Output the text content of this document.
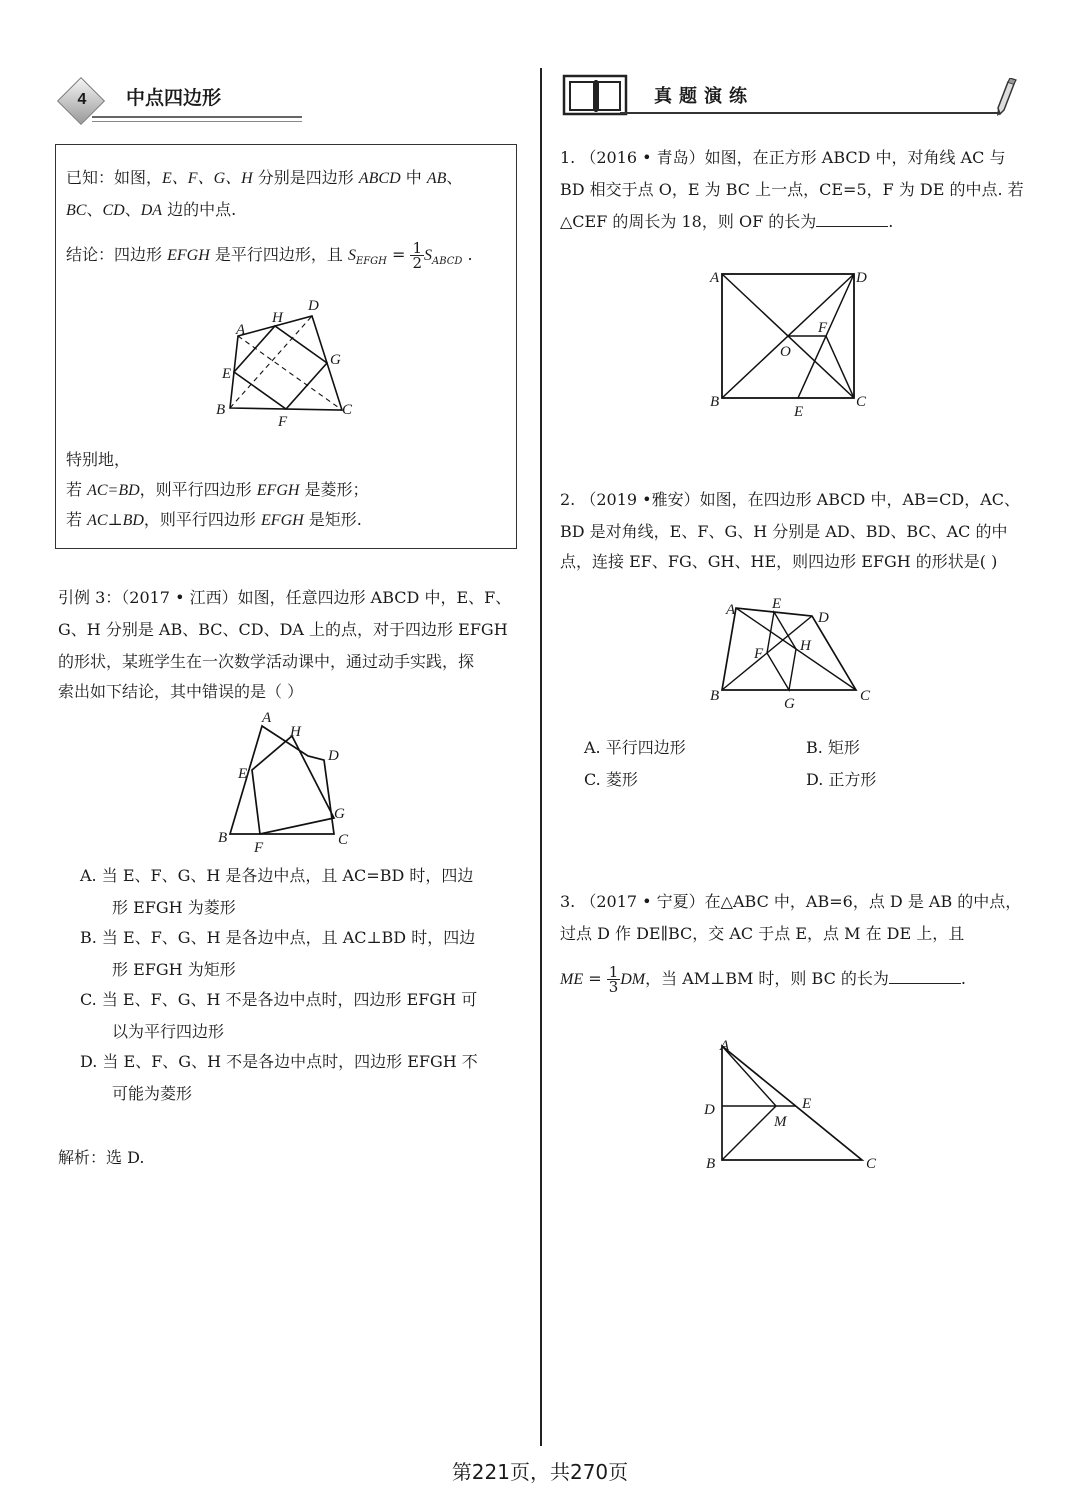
4	中点四边形	真题演练
已知：如图，E、F、G、H 分别是四边形 ABCD 中 AB、
BC、CD、DA 边的中点.
结论：四边形 EFGH 是平行四边形，且 $S_{EFGH} = \frac{1}{2} S_{ABCD}$ .
A
B	C
D
E
F
G
H
特别地，
若 AC=BD，则平行四边形 EFGH 是菱形；
若 AC⊥BD，则平行四边形 EFGH 是矩形.
引例 3：（2017 • 江西）如图，任意四边形 ABCD 中，E、F、
G、H 分别是 AB、BC、CD、DA 上的点，对于四边形 EFGH
的形状，某班学生在一次数学活动课中，通过动手实践，探
索出如下结论，其中错误的是（ ）
A
B	C
D
E
F
G
H
A. 当 E、F、G、H 是各边中点，且 AC=BD 时，四边
形 EFGH 为菱形
B. 当 E、F、G、H 是各边中点，且 AC⊥BD 时，四边
形 EFGH 为矩形
C. 当 E、F、G、H 不是各边中点时，四边形 EFGH 可
以为平行四边形
D. 当 E、F、G、H 不是各边中点时，四边形 EFGH 不
可能为菱形
解析：选 D.
1. （2016 • 青岛）如图，在正方形 ABCD 中，对角线 AC 与
BD 相交于点 O，E 为 BC 上一点，CE=5，F 为 DE 的中点. 若
△CEF 的周长为 18，则 OF 的长为	.
A
B	C
D
E
F
O
2. （2019 •雅安）如图，在四边形 ABCD 中，AB=CD，AC、
BD 是对角线，E、F、G、H 分别是 AD、BD、BC、AC 的中
点，连接 EF、FG、GH、HE，则四边形 EFGH 的形状是( )
A
B	C
D
E
F
G
H
A. 平行四边形	B. 矩形
C. 菱形	D. 正方形
3. （2017 • 宁夏）在△ABC 中，AB=6，点 D 是 AB 的中点，
过点 D 作 DE∥BC，交 AC 于点 E，点 M 在 DE 上，且
ME = $\frac{1}{3}$ DM，当 AM⊥BM 时，则 BC 的长为	.
A
B	C
D	E
M
第221页，共270页
